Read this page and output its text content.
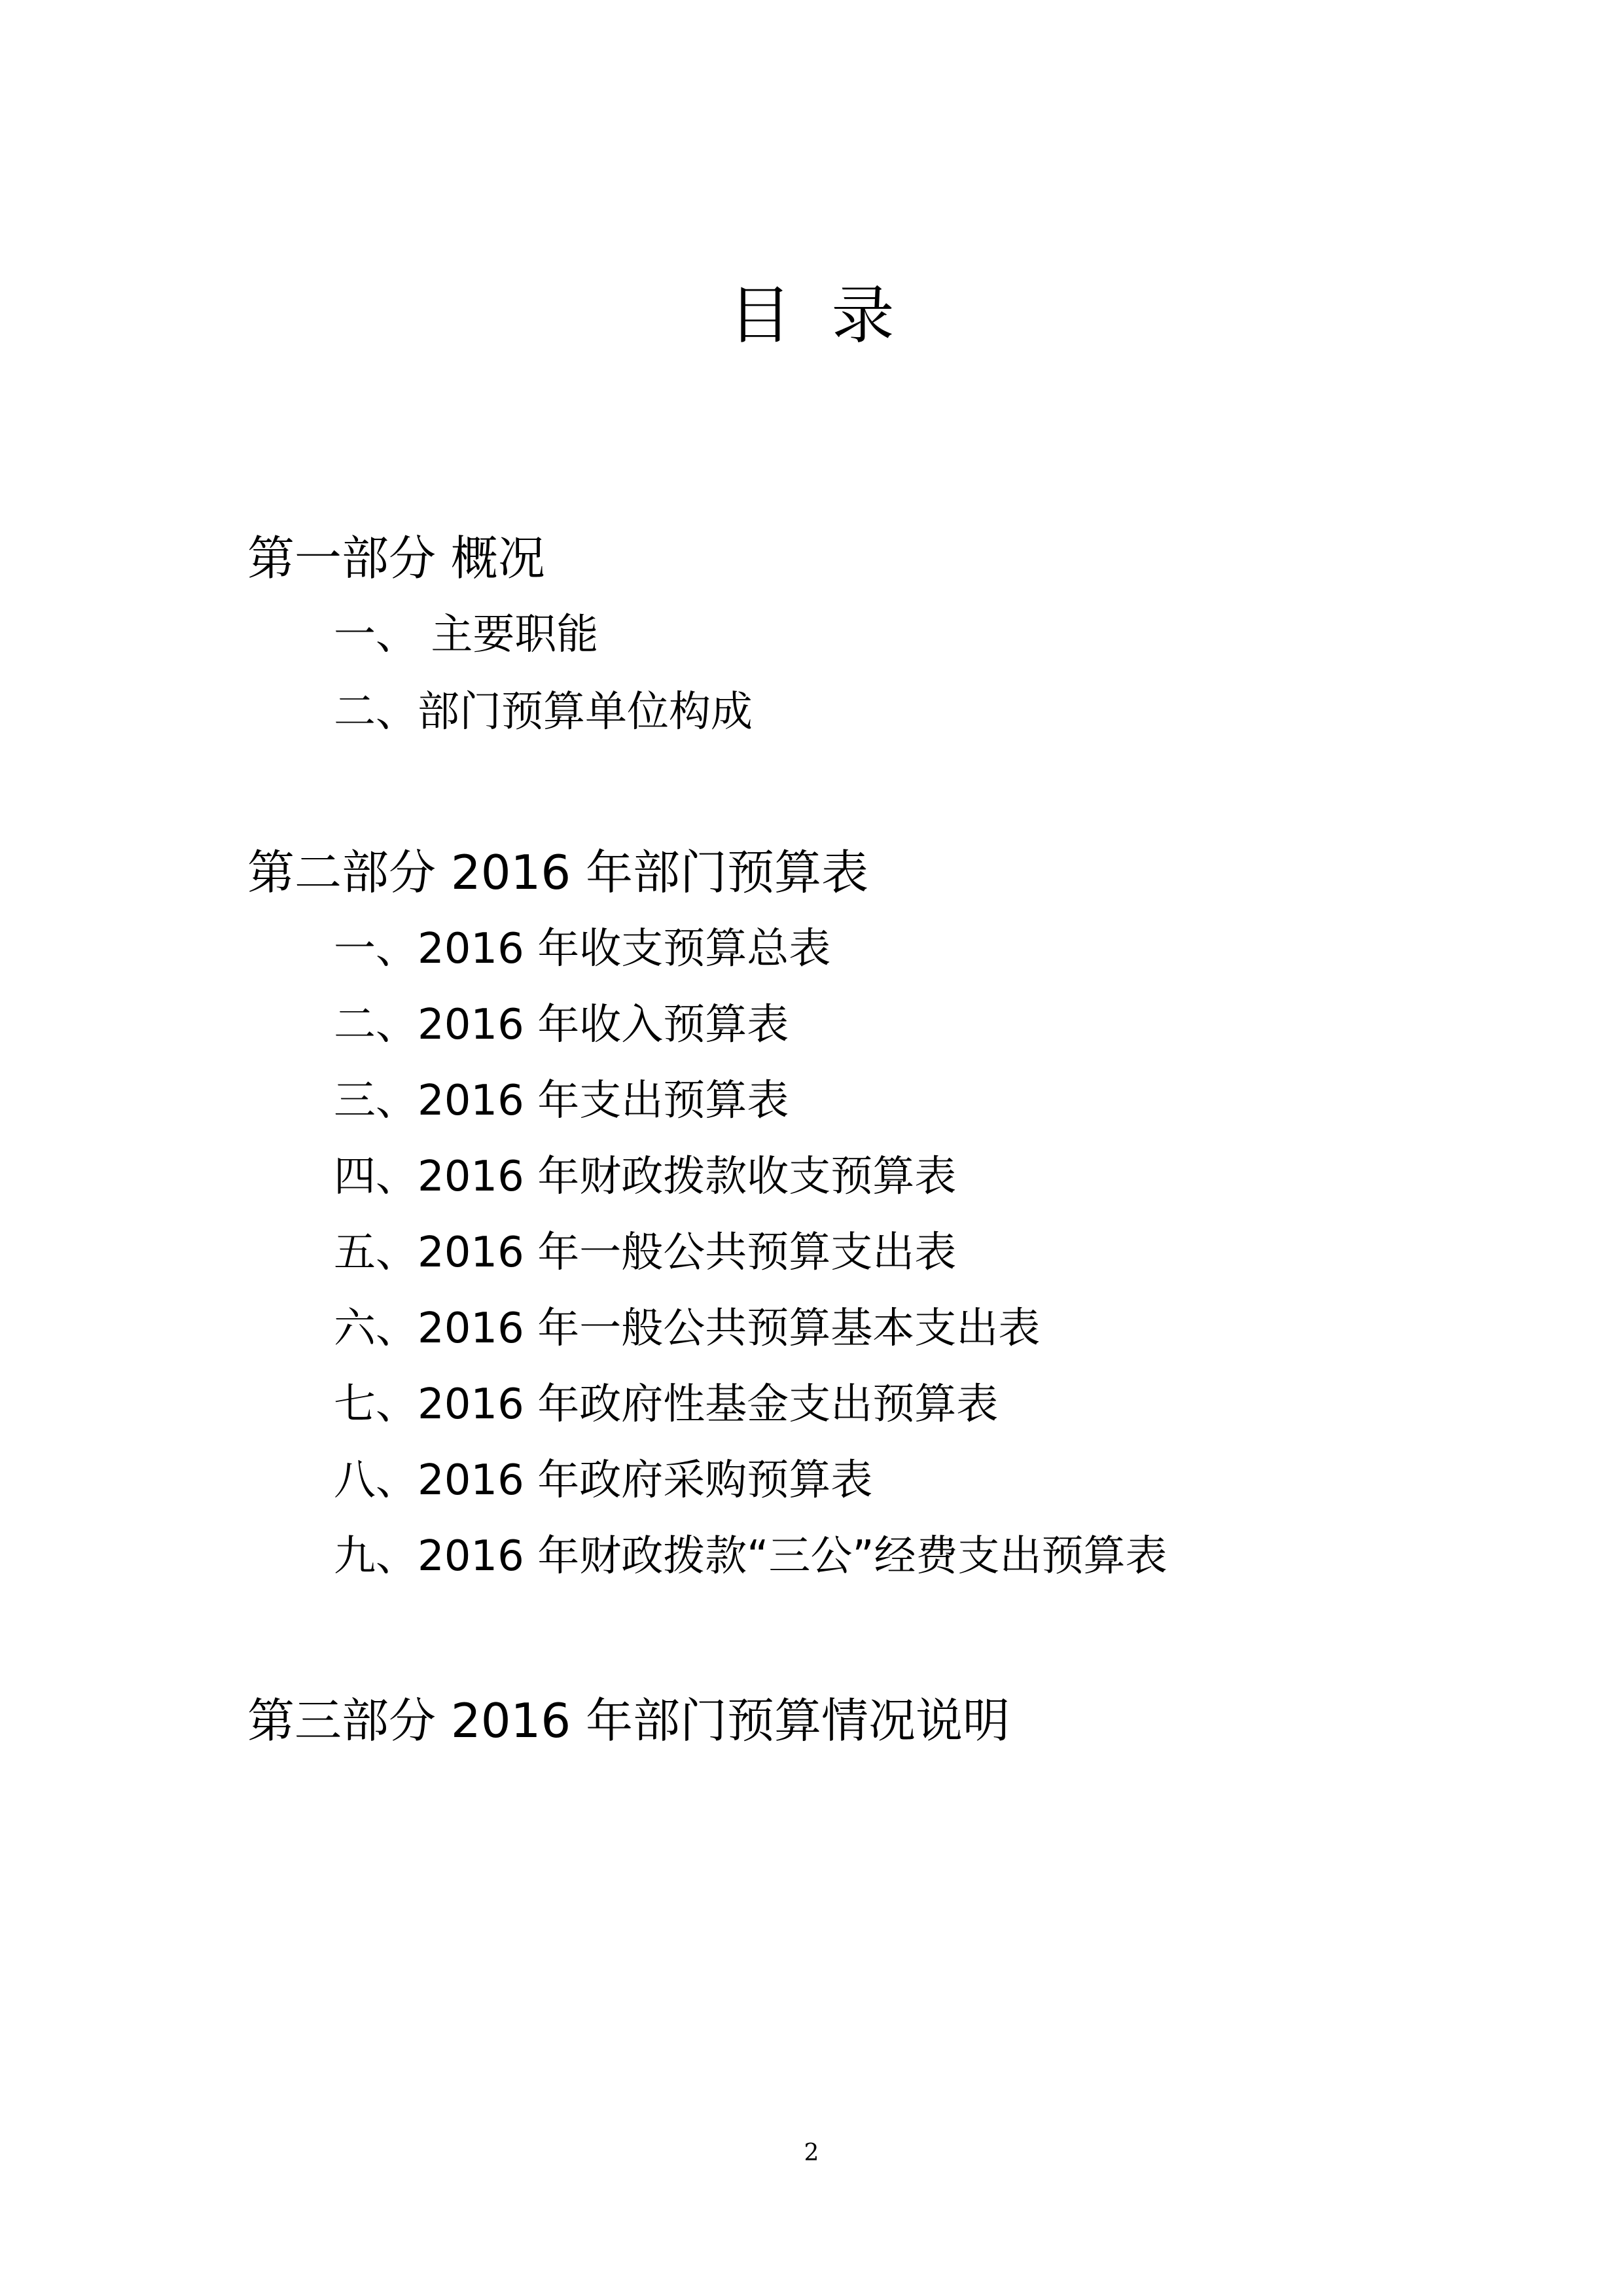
目  录
第一部分 概况
一、 主要职能
二、部门预算单位构成
第二部分 2016 年部门预算表
一、2016 年收支预算总表
二、2016 年收入预算表
三、2016 年支出预算表
四、2016 年财政拨款收支预算表
五、2016 年一般公共预算支出表
六、2016 年一般公共预算基本支出表
七、2016 年政府性基金支出预算表
八、2016 年政府采购预算表
九、2016 年财政拨款“三公”经费支出预算表
第三部分 2016 年部门预算情况说明
2
